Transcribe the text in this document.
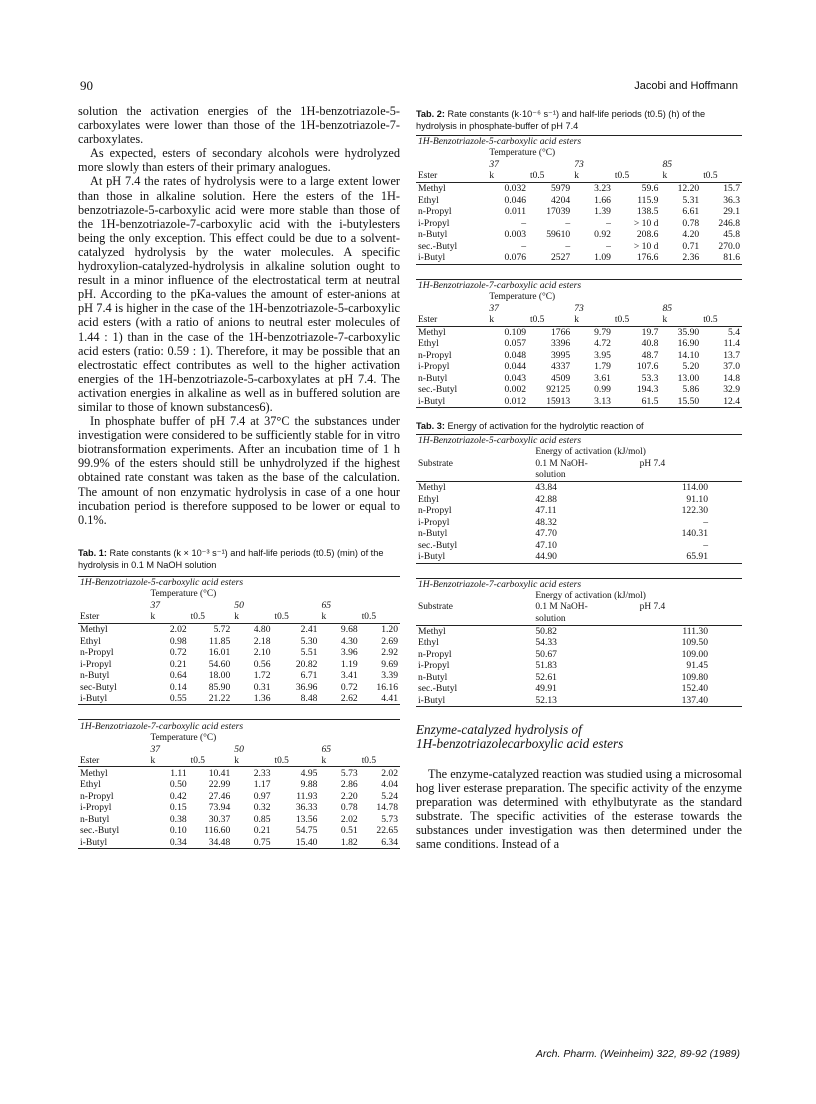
90	Jacobi and Hoffmann

solution the activation energies of the 1H-benzotriazole-5-carboxylates were lower than those of the 1H-benzotriazole-7-carboxylates.

As expected, esters of secondary alcohols were hydrolyzed more slowly than esters of their primary analogues.

At pH 7.4 the rates of hydrolysis were to a large extent lower than those in alkaline solution. Here the esters of the 1H-benzotriazole-5-carboxylic acid were more stable than those of the 1H-benzotriazole-7-carboxylic acid with the i-butylesters being the only exception. This effect could be due to a solvent-catalyzed hydrolysis by the water molecules. A specific hydroxylion-catalyzed-hydrolysis in alkaline solution ought to result in a minor influence of the electrostatical term at neutral pH. According to the pKa-values the amount of ester-anions at pH 7.4 is higher in the case of the 1H-benzotriazole-5-carboxylic acid esters (with a ratio of anions to neutral ester molecules of 1.44 : 1) than in the case of the 1H-benzotriazole-7-carboxylic acid esters (ratio: 0.59 : 1). Therefore, it may be possible that an electrostatic effect contributes as well to the higher activation energies of the 1H-benzotriazole-5-carboxylates at pH 7.4. The activation energies in alkaline as well as in buffered solution are similar to those of known substances6).

In phosphate buffer of pH 7.4 at 37°C the substances under investigation were considered to be sufficiently stable for in vitro biotransformation experiments. After an incubation time of 1 h 99.9% of the esters should still be unhydrolyzed if the highest obtained rate constant was taken as the base of the calculation. The amount of non enzymatic hydrolysis in case of a one hour incubation period is therefore supposed to be lower or equal to 0.1%.

Tab. 1: Rate constants (k × 10⁻³ s⁻¹) and half-life periods (t0.5) (min) of the hydrolysis in 0.1 M NaOH solution

1H-Benzotriazole-5-carboxylic acid esters						
	Temperature (°C)					
	37		50		65	
Ester	k	t0.5	k	t0.5	k	t0.5
Methyl	2.02	5.72	4.80	2.41	9.68	1.20
Ethyl	0.98	11.85	2.18	5.30	4.30	2.69
n-Propyl	0.72	16.01	2.10	5.51	3.96	2.92
i-Propyl	0.21	54.60	0.56	20.82	1.19	9.69
n-Butyl	0.64	18.00	1.72	6.71	3.41	3.39
sec-Butyl	0.14	85.90	0.31	36.96	0.72	16.16
i-Butyl	0.55	21.22	1.36	8.48	2.62	4.41

1H-Benzotriazole-7-carboxylic acid esters						
	Temperature (°C)					
	37		50		65	
Ester	k	t0.5	k	t0.5	k	t0.5
Methyl	1.11	10.41	2.33	4.95	5.73	2.02
Ethyl	0.50	22.99	1.17	9.88	2.86	4.04
n-Propyl	0.42	27.46	0.97	11.93	2.20	5.24
i-Propyl	0.15	73.94	0.32	36.33	0.78	14.78
n-Butyl	0.38	30.37	0.85	13.56	2.02	5.73
sec.-Butyl	0.10	116.60	0.21	54.75	0.51	22.65
i-Butyl	0.34	34.48	0.75	15.40	1.82	6.34

Tab. 2: Rate constants (k·10⁻⁶ s⁻¹) and half-life periods (t0.5) (h) of the hydrolysis in phosphate-buffer of pH 7.4

1H-Benzotriazole-5-carboxylic acid esters						
	Temperature (°C)					
	37		73		85	
Ester	k	t0.5	k	t0.5	k	t0.5
Methyl	0.032	5979	3.23	59.6	12.20	15.7
Ethyl	0.046	4204	1.66	115.9	5.31	36.3
n-Propyl	0.011	17039	1.39	138.5	6.61	29.1
i-Propyl	–	–	–	> 10 d	0.78	246.8
n-Butyl	0.003	59610	0.92	208.6	4.20	45.8
sec.-Butyl	–	–	–	> 10 d	0.71	270.0
i-Butyl	0.076	2527	1.09	176.6	2.36	81.6

1H-Benzotriazole-7-carboxylic acid esters						
	Temperature (°C)					
	37		73		85	
Ester	k	t0.5	k	t0.5	k	t0.5
Methyl	0.109	1766	9.79	19.7	35.90	5.4
Ethyl	0.057	3396	4.72	40.8	16.90	11.4
n-Propyl	0.048	3995	3.95	48.7	14.10	13.7
i-Propyl	0.044	4337	1.79	107.6	5.20	37.0
n-Butyl	0.043	4509	3.61	53.3	13.00	14.8
sec.-Butyl	0.002	92125	0.99	194.3	5.86	32.9
i-Butyl	0.012	15913	3.13	61.5	15.50	12.4

Tab. 3: Energy of activation for the hydrolytic reaction of

1H-Benzotriazole-5-carboxylic acid esters		
	Energy of activation (kJ/mol)	
Substrate	0.1 M NaOH-	pH 7.4
	solution	
Methyl	43.84	114.00
Ethyl	42.88	91.10
n-Propyl	47.11	122.30
i-Propyl	48.32	–
n-Butyl	47.70	140.31
sec.-Butyl	47.10	–
i-Butyl	44.90	65.91

1H-Benzotriazole-7-carboxylic acid esters		
	Energy of activation (kJ/mol)	
Substrate	0.1 M NaOH-	pH 7.4
	solution	
Methyl	50.82	111.30
Ethyl	54.33	109.50
n-Propyl	50.67	109.00
i-Propyl	51.83	91.45
n-Butyl	52.61	109.80
sec.-Butyl	49.91	152.40
i-Butyl	52.13	137.40
Enzyme-catalyzed hydrolysis of
1H-benzotriazolecarboxylic acid esters

The enzyme-catalyzed reaction was studied using a microsomal hog liver esterase preparation. The specific activity of the enzyme preparation was determined with ethylbutyrate as the standard substrate. The specific activities of the esterase towards the substances under investigation was then determined under the same conditions. Instead of a

Arch. Pharm. (Weinheim) 322, 89-92 (1989)
